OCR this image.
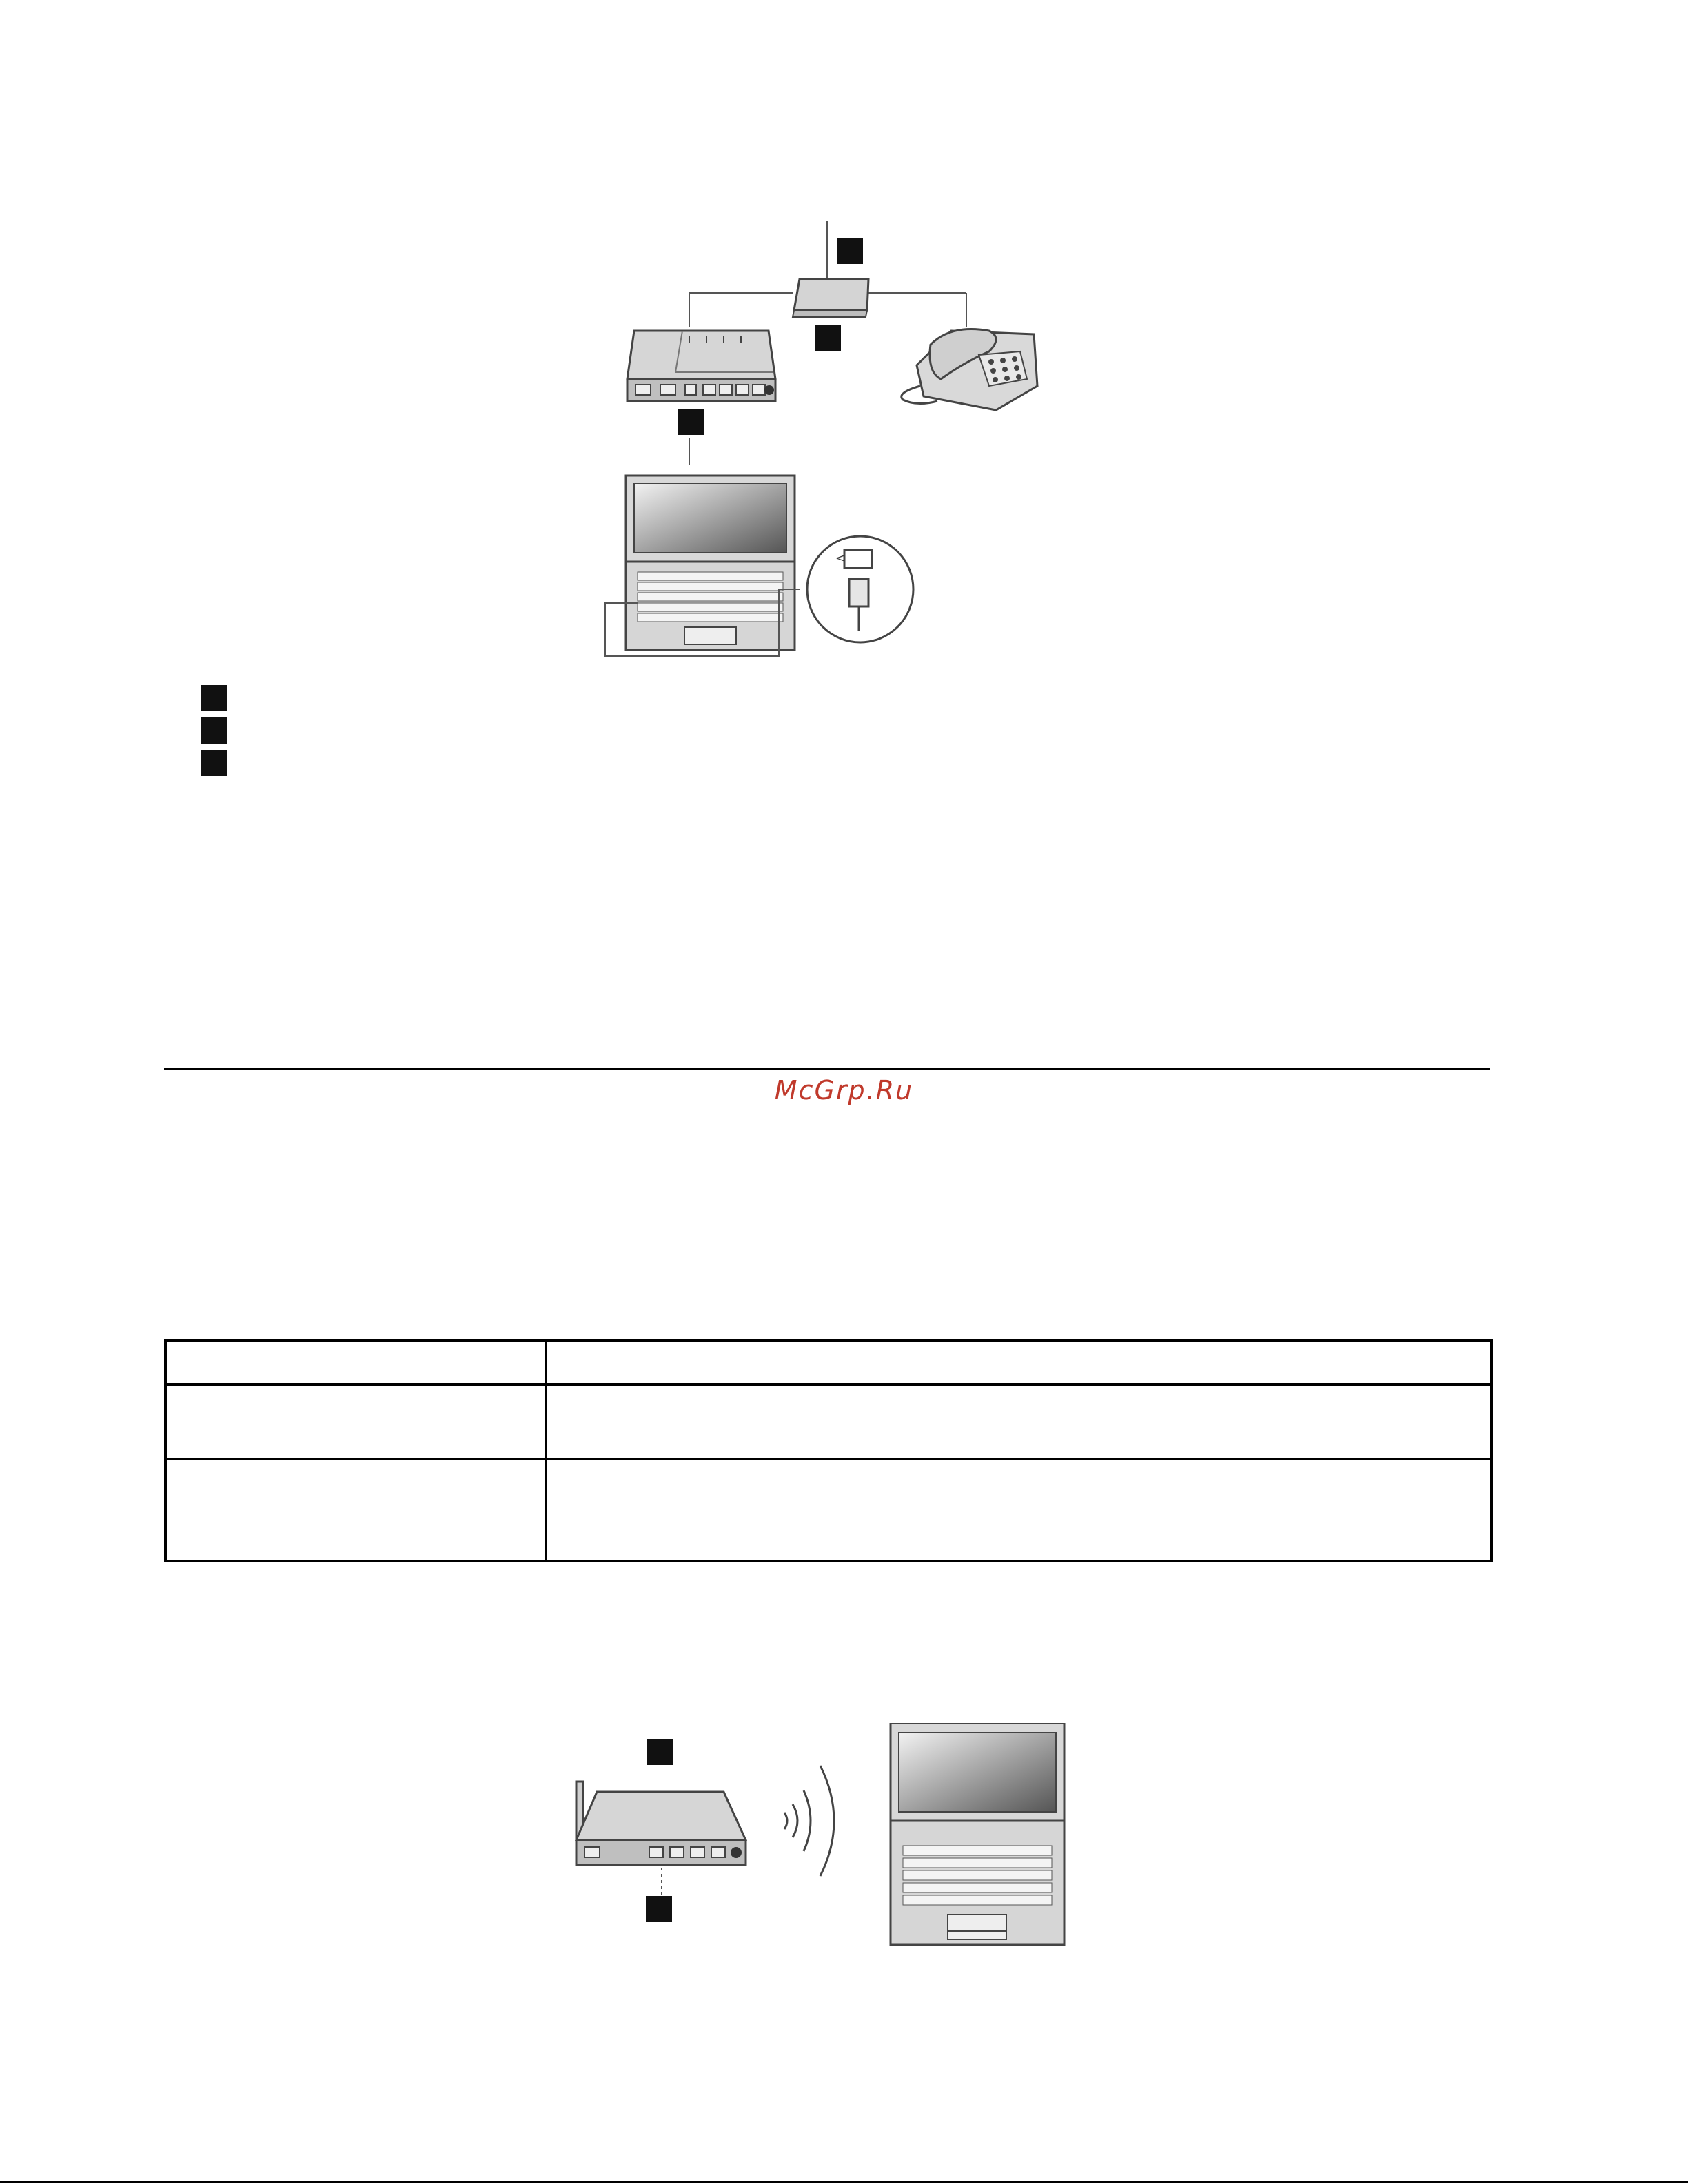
<
McGrp.Ru
